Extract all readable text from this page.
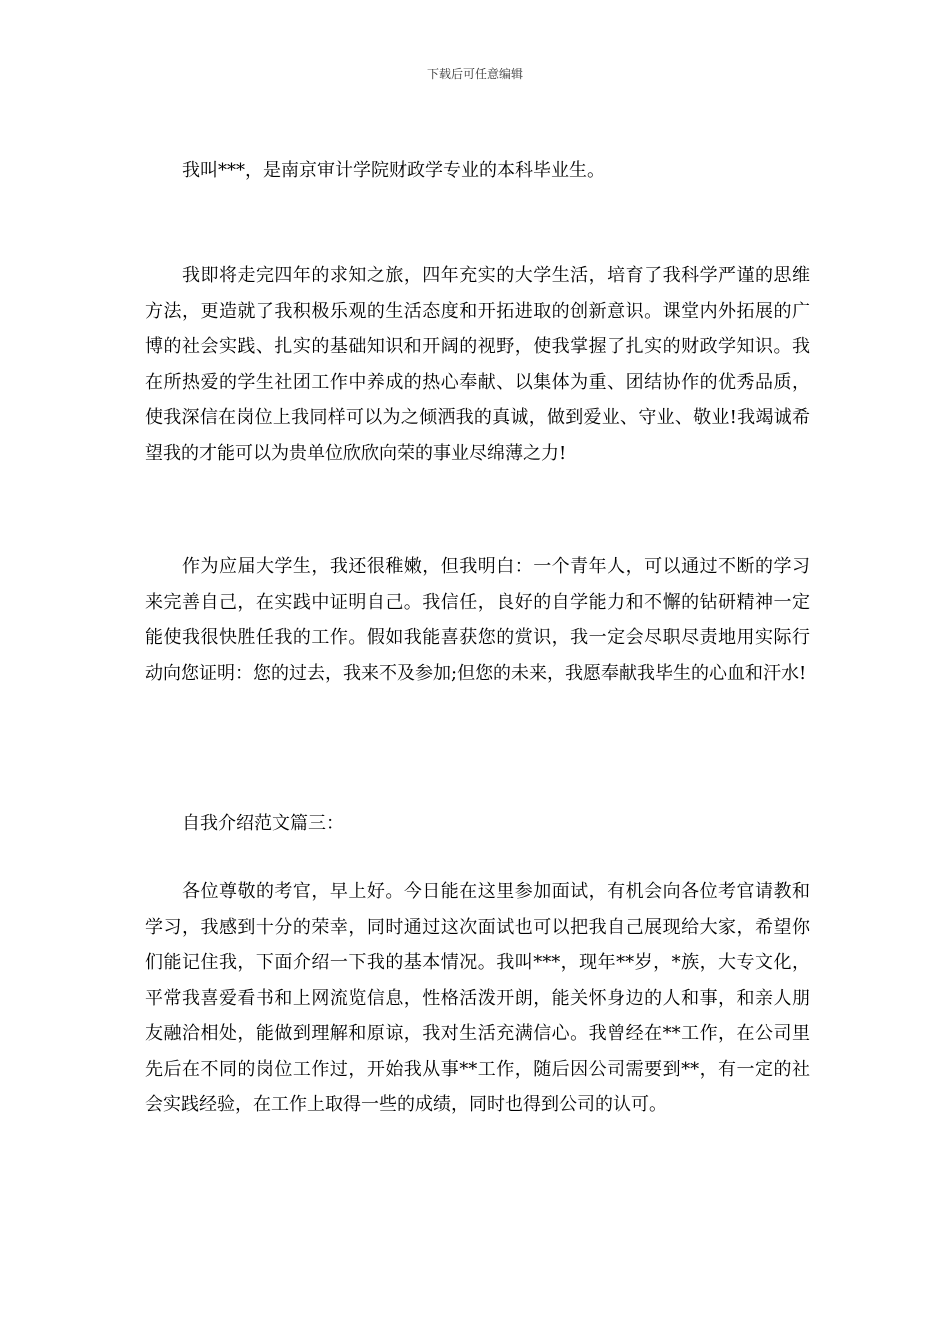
下载后可任意编辑

我叫***，是南京审计学院财政学专业的本科毕业生。

我即将走完四年的求知之旅，四年充实的大学生活，培育了我科学严谨的思维方法，更造就了我积极乐观的生活态度和开拓进取的创新意识。课堂内外拓展的广博的社会实践、扎实的基础知识和开阔的视野，使我掌握了扎实的财政学知识。我在所热爱的学生社团工作中养成的热心奉献、以集体为重、团结协作的优秀品质，使我深信在岗位上我同样可以为之倾洒我的真诚，做到爱业、守业、敬业!我竭诚希望我的才能可以为贵单位欣欣向荣的事业尽绵薄之力!

作为应届大学生，我还很稚嫩，但我明白：一个青年人，可以通过不断的学习来完善自己，在实践中证明自己。我信任，良好的自学能力和不懈的钻研精神一定能使我很快胜任我的工作。假如我能喜获您的赏识，我一定会尽职尽责地用实际行动向您证明：您的过去，我来不及参加;但您的未来，我愿奉献我毕生的心血和汗水!

自我介绍范文篇三：

各位尊敬的考官，早上好。今日能在这里参加面试，有机会向各位考官请教和学习，我感到十分的荣幸，同时通过这次面试也可以把我自己展现给大家，希望你们能记住我，下面介绍一下我的基本情况。我叫***，现年**岁，*族，大专文化，平常我喜爱看书和上网流览信息，性格活泼开朗，能关怀身边的人和事，和亲人朋友融洽相处，能做到理解和原谅，我对生活充满信心。我曾经在**工作，在公司里先后在不同的岗位工作过，开始我从事**工作，随后因公司需要到**，有一定的社会实践经验，在工作上取得一些的成绩，同时也得到公司的认可。
